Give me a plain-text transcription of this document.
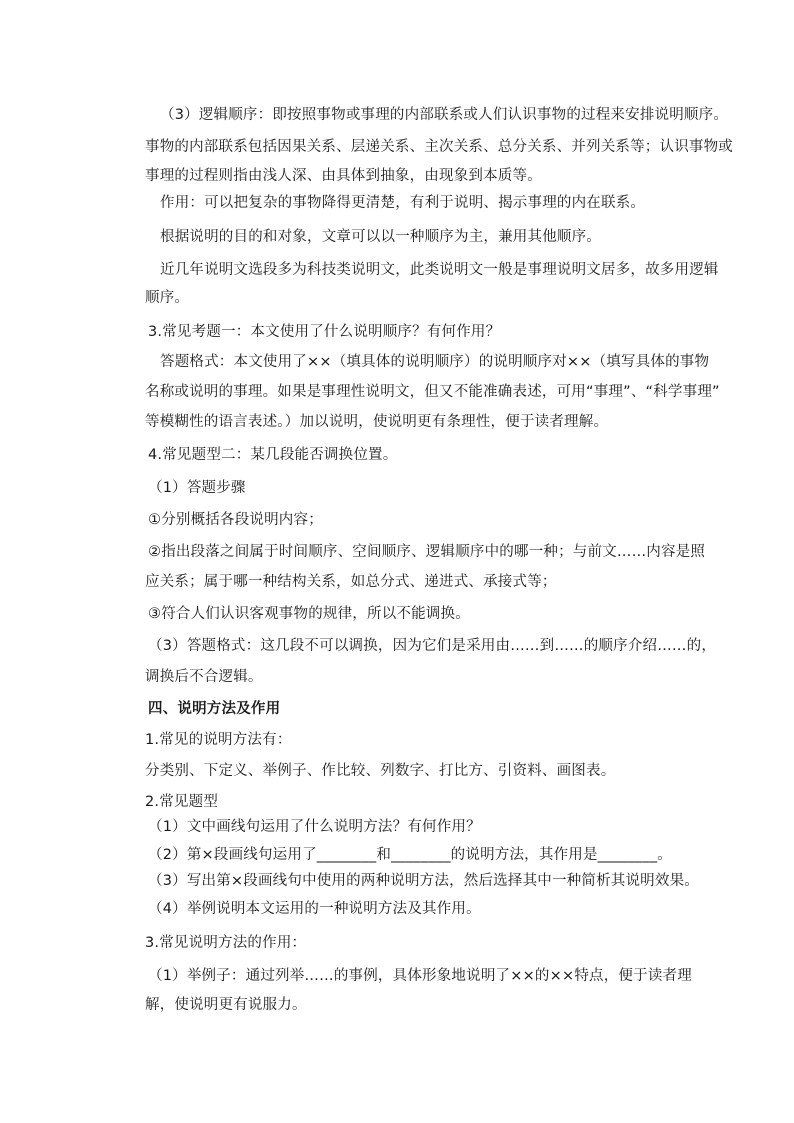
（3）逻辑顺序：即按照事物或事理的内部联系或人们认识事物的过程来安排说明顺序。

事物的内部联系包括因果关系、层递关系、主次关系、总分关系、并列关系等；认识事物或

事理的过程则指由浅人深、由具体到抽象，由现象到本质等。

作用：可以把复杂的事物降得更清楚，有利于说明、揭示事理的内在联系。

根据说明的目的和对象，文章可以以一种顺序为主，兼用其他顺序。

近几年说明文选段多为科技类说明文，此类说明文一般是事理说明文居多，故多用逻辑

顺序。

3.常见考题一：本文使用了什么说明顺序？有何作用？

答题格式：本文使用了××（填具体的说明顺序）的说明顺序对××（填写具体的事物

名称或说明的事理。如果是事理性说明文，但又不能准确表述，可用“事理”、“科学事理”

等模糊性的语言表述。）加以说明，使说明更有条理性，便于读者理解。

4.常见题型二：某几段能否调换位置。

（1）答题步骤

①分别概括各段说明内容；

②指出段落之间属于时间顺序、空间顺序、逻辑顺序中的哪一种；与前文……内容是照

应关系；属于哪一种结构关系，如总分式、递进式、承接式等；

③符合人们认识客观事物的规律，所以不能调换。

（3）答题格式：这几段不可以调换，因为它们是采用由……到……的顺序介绍……的，

调换后不合逻辑。

四、说明方法及作用

1.常见的说明方法有：

分类别、下定义、举例子、作比较、列数字、打比方、引资料、画图表。

2.常见题型

（1）文中画线句运用了什么说明方法？有何作用？

（2）第×段画线句运用了________和________的说明方法，其作用是________。

（3）写出第×段画线句中使用的两种说明方法，然后选择其中一种简析其说明效果。

（4）举例说明本文运用的一种说明方法及其作用。

3.常见说明方法的作用：

（1）举例子：通过列举……的事例，具体形象地说明了××的××特点，便于读者理

解，使说明更有说服力。
